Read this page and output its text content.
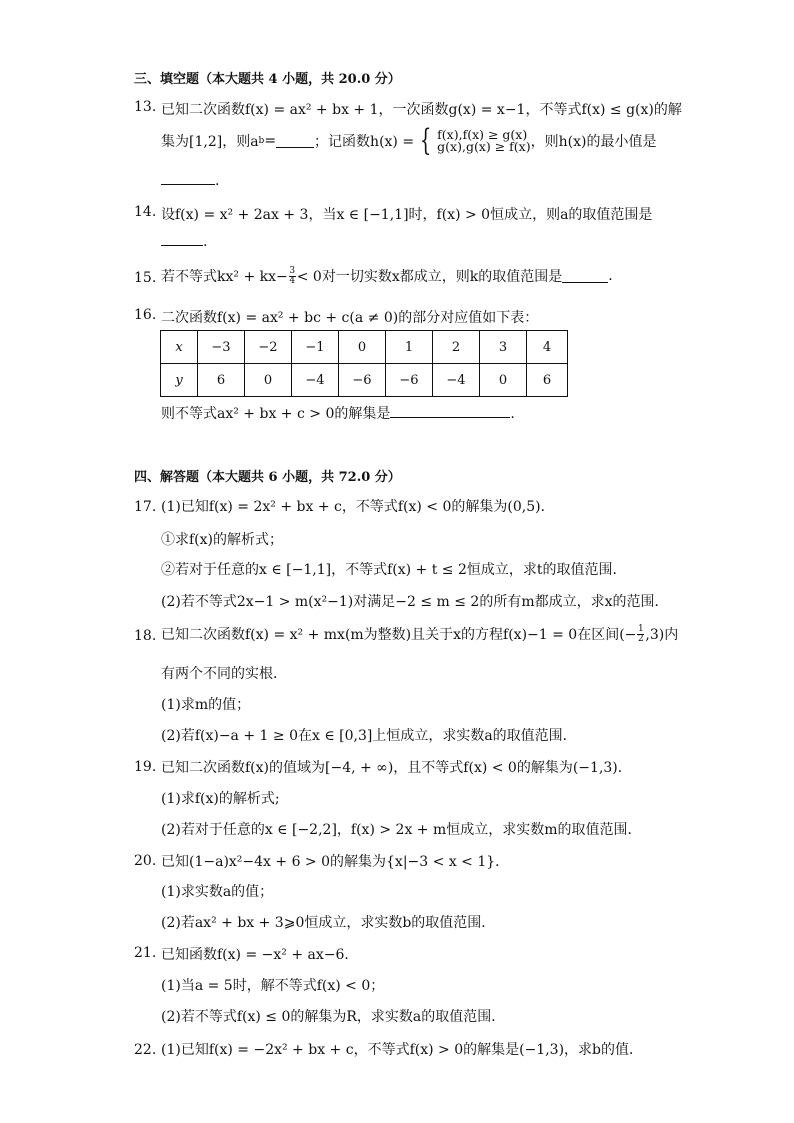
三、填空题（本大题共 4 小题，共 20.0 分）
13. 已知二次函数f(x) = ax² + bx + 1，一次函数g(x) = x−1，不等式f(x) ≤ g(x)的解
集为[1,2]，则a b =	；记函数h(x) = { f(x),f(x) ≥ g(x)
g(x),g(x) ≥ f(x) ，则h(x)的最小值是
.
14. 设f(x) = x² + 2ax + 3，当x ∈ [−1,1]时，f(x) > 0恒成立，则a的取值范围是
.
15. 若不等式$kx^2 + kx- \frac{3}{4} < 0$对一切实数x都成立，则k的取值范围是	.
16. 二次函数f(x) = ax² + bc + c(a ≠ 0)的部分对应值如下表：
x	−3	−2	−1	0	1	2	3	4
y	6	0	−4	−6	−6	−4	0	6
则不等式ax² + bx + c > 0的解集是	.
四、解答题（本大题共 6 小题，共 72.0 分）
17. (1)已知f(x) = 2x² + bx + c，不等式f(x) < 0的解集为(0,5)．
①求f(x)的解析式；
②若对于任意的x ∈ [−1,1]，不等式f(x) + t ≤ 2恒成立，求t的取值范围．
(2)若不等式2x−1 > m(x²−1)对满足−2 ≤ m ≤ 2的所有m都成立，求x的范围．
18. 已知二次函数f(x) = x² + mx(m为整数)且关于x的方程f(x)−1 = 0在区间(− $\frac{1}{2} ,3$)内
有两个不同的实根．
(1)求m的值；
(2)若f(x)−a + 1 ≥ 0在x ∈ [0,3]上恒成立，求实数a的取值范围．
19. 已知二次函数f(x)的值域为[−4, + ∞)，且不等式f(x) < 0的解集为(−1,3)．
(1)求f(x)的解析式;
(2)若对于任意的x ∈ [−2,2]，f(x) > 2x + m恒成立，求实数m的取值范围．
20. 已知(1−a)x²−4x + 6 > 0的解集为{x|−3 < x < 1}．
(1)求实数a的值；
(2)若ax² + bx + 3⩾0恒成立，求实数b的取值范围．
21. 已知函数f(x) = −x² + ax−6．
(1)当a = 5时，解不等式f(x) < 0；
(2)若不等式f(x) ≤ 0的解集为R，求实数a的取值范围．
22. (1)已知f(x) = −2x² + bx + c，不等式f(x) > 0的解集是(−1,3)，求b的值．
